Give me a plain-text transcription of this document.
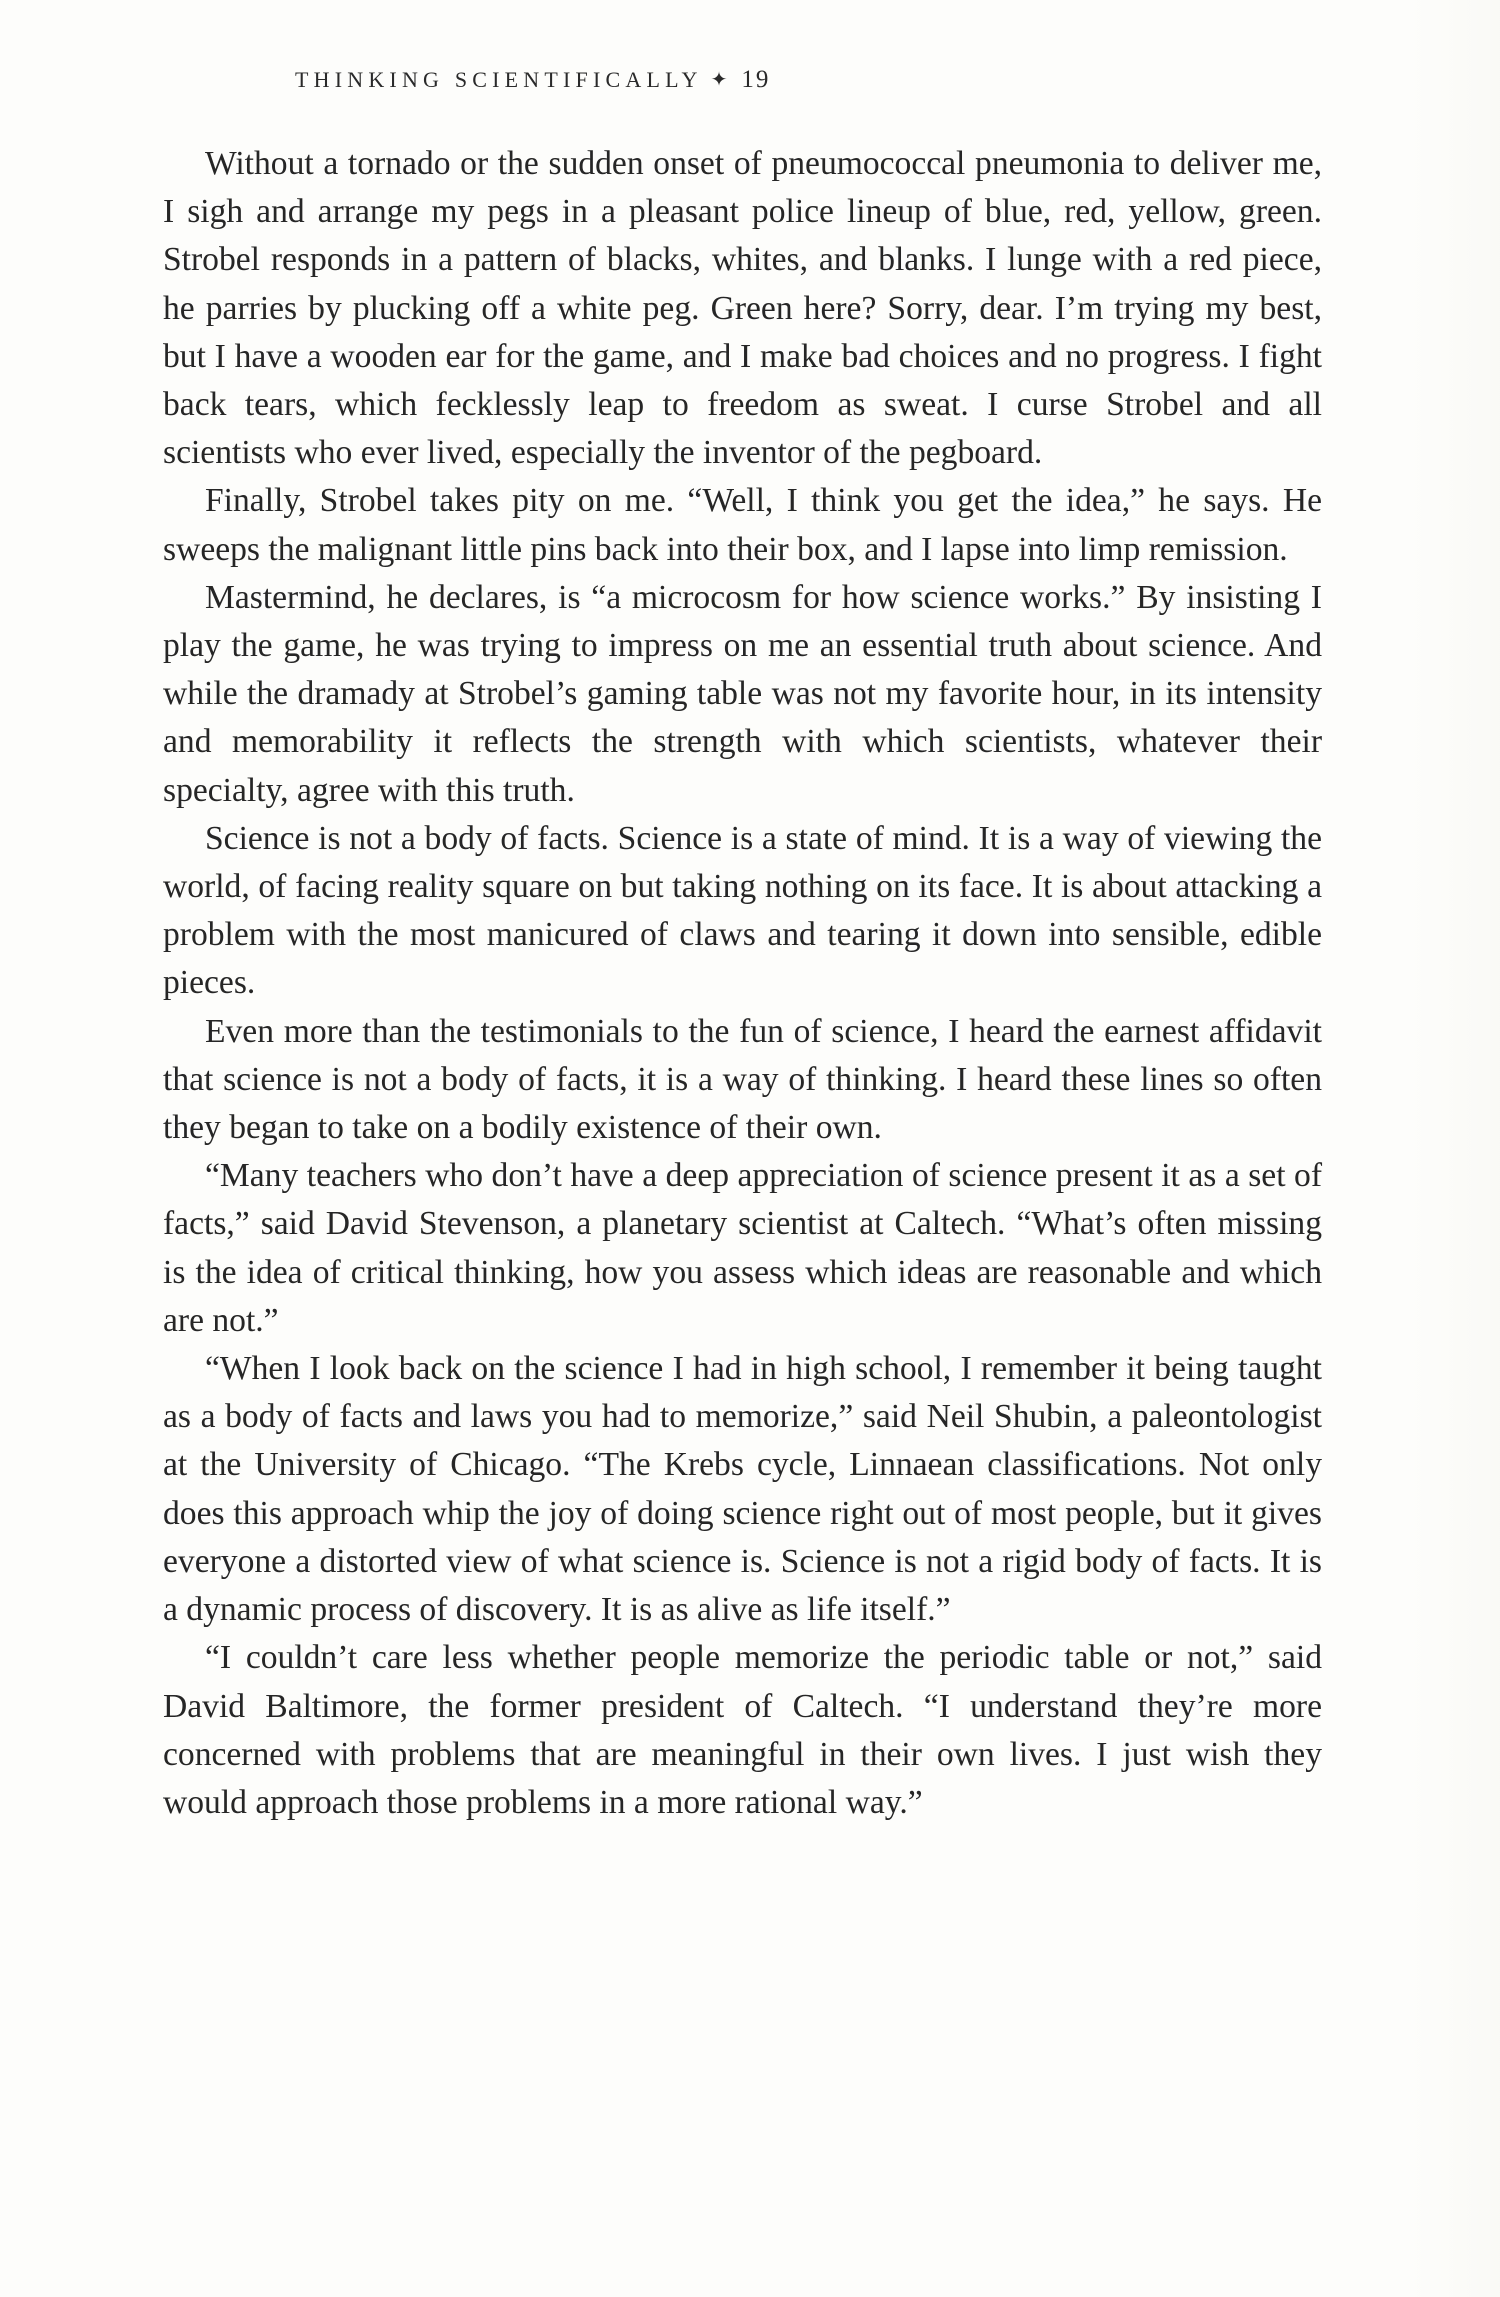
THINKING SCIENTIFICALLY ✦ 19

Without a tornado or the sudden onset of pneumococcal pneumonia to deliver me, I sigh and arrange my pegs in a pleasant police lineup of blue, red, yellow, green. Strobel responds in a pattern of blacks, whites, and blanks. I lunge with a red piece, he parries by plucking off a white peg. Green here? Sorry, dear. I’m trying my best, but I have a wooden ear for the game, and I make bad choices and no progress. I fight back tears, which fecklessly leap to freedom as sweat. I curse Strobel and all scientists who ever lived, especially the inventor of the pegboard.

Finally, Strobel takes pity on me. “Well, I think you get the idea,” he says. He sweeps the malignant little pins back into their box, and I lapse into limp remission.

Mastermind, he declares, is “a microcosm for how science works.” By insisting I play the game, he was trying to impress on me an essential truth about science. And while the dramady at Strobel’s gaming table was not my favorite hour, in its intensity and memorability it reflects the strength with which scientists, whatever their specialty, agree with this truth.

Science is not a body of facts. Science is a state of mind. It is a way of viewing the world, of facing reality square on but taking nothing on its face. It is about attacking a problem with the most manicured of claws and tearing it down into sensible, edible pieces.

Even more than the testimonials to the fun of science, I heard the earnest affidavit that science is not a body of facts, it is a way of thinking. I heard these lines so often they began to take on a bodily existence of their own.

“Many teachers who don’t have a deep appreciation of science present it as a set of facts,” said David Stevenson, a planetary scientist at Caltech. “What’s often missing is the idea of critical thinking, how you assess which ideas are reasonable and which are not.”

“When I look back on the science I had in high school, I remember it being taught as a body of facts and laws you had to memorize,” said Neil Shubin, a paleontologist at the University of Chicago. “The Krebs cycle, Linnaean classifications. Not only does this approach whip the joy of doing science right out of most people, but it gives everyone a distorted view of what science is. Science is not a rigid body of facts. It is a dynamic process of discovery. It is as alive as life itself.”

“I couldn’t care less whether people memorize the periodic table or not,” said David Baltimore, the former president of Caltech. “I understand they’re more concerned with problems that are meaningful in their own lives. I just wish they would approach those problems in a more rational way.”
